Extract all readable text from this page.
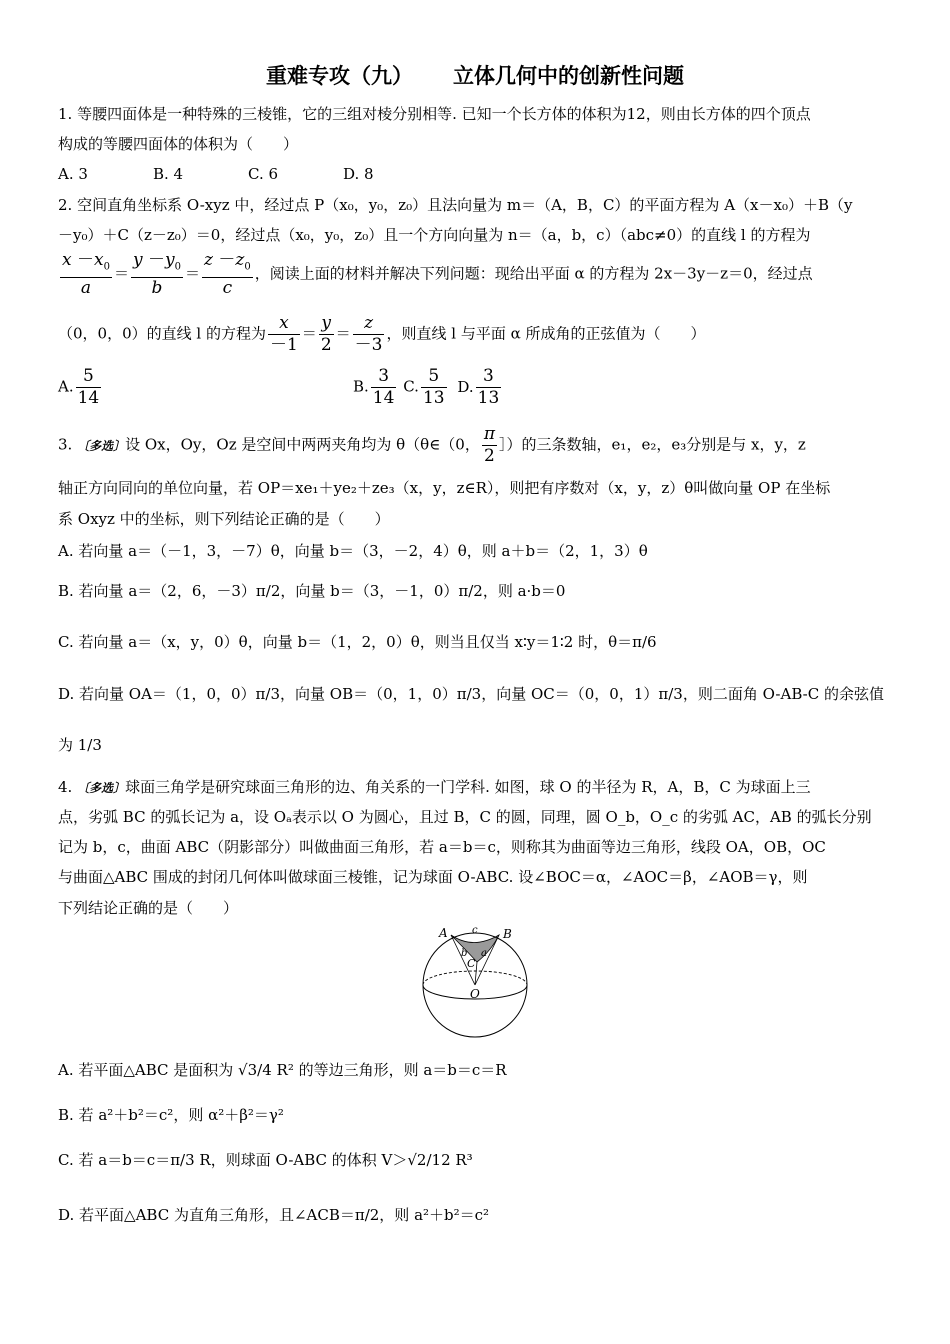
重难专攻（九） 立体几何中的创新性问题
1. 等腰四面体是一种特殊的三棱锥，它的三组对棱分别相等. 已知一个长方体的体积为12，则由长方体的四个顶点
构成的等腰四面体的体积为（　　）
A. 3	B. 4	C. 6	D. 8
2. 空间直角坐标系 O-xyz 中，经过点 P（x₀，y₀，z₀）且法向量为 m＝（A，B，C）的平面方程为 A（x－x₀）＋B（y
－y₀）＋C（z－z₀）＝0，经过点（x₀，y₀，z₀）且一个方向向量为 n＝（a，b，c）（abc≠0）的直线 l 的方程为
$\frac{x -x_0}{a} = \frac{y -y_0}{b} = \frac{z -z_0}{c}$ ，阅读上面的材料并解决下列问题：现给出平面 α 的方程为 2x－3y－z＝0，经过点
（0，0，0）的直线 l 的方程为 $\frac{x}{-1} = \frac{y}{2} = \frac{z}{-3}$ ，则直线 l 与平面 α 所成角的正弦值为（　　）
A. $\frac{5}{14}$	B. $\frac{3}{14} C$. $\frac{5}{13} D$. $\frac{3}{13}$
3. 〔多选〕设 Ox，Oy，Oz 是空间中两两夹角均为 θ（θ∈（0， $\frac{\pi}{2}$ ］）的三条数轴，e₁，e₂，e₃分别是与 x，y，z
轴正方向同向的单位向量，若 OP＝xe₁＋ye₂＋ze₃（x，y，z∈R），则把有序数对（x，y，z）θ叫做向量 OP 在坐标
系 Oxyz 中的坐标，则下列结论正确的是（　　）
A. 若向量 a＝（－1，3，－7）θ，向量 b＝（3，－2，4）θ，则 a＋b＝（2，1，3）θ
B. 若向量 a＝（2，6，－3）π/2，向量 b＝（3，－1，0）π/2，则 a·b＝0
C. 若向量 a＝（x，y，0）θ，向量 b＝（1，2，0）θ，则当且仅当 x∶y＝1∶2 时，θ＝π/6
D. 若向量 OA＝（1，0，0）π/3，向量 OB＝（0，1，0）π/3，向量 OC＝（0，0，1）π/3，则二面角 O-AB-C 的余弦值
为 1/3
4. 〔多选〕球面三角学是研究球面三角形的边、角关系的一门学科. 如图，球 O 的半径为 R，A，B，C 为球面上三
点，劣弧 BC 的弧长记为 a，设 Oₐ表示以 O 为圆心，且过 B，C 的圆，同理，圆 O_b，O_c 的劣弧 AC，AB 的弧长分别
记为 b，c，曲面 ABC（阴影部分）叫做曲面三角形，若 a＝b＝c，则称其为曲面等边三角形，线段 OA，OB，OC
与曲面△ABC 围成的封闭几何体叫做球面三棱锥，记为球面 O-ABC. 设∠BOC＝α，∠AOC＝β，∠AOB＝γ，则
下列结论正确的是（　　）
A	B
C
O
a
b
c
A. 若平面△ABC 是面积为 √3/4 R² 的等边三角形，则 a＝b＝c＝R
B. 若 a²＋b²＝c²，则 α²＋β²＝γ²
C. 若 a＝b＝c＝π/3 R，则球面 O-ABC 的体积 V＞√2/12 R³
D. 若平面△ABC 为直角三角形，且∠ACB＝π/2，则 a²＋b²＝c²
